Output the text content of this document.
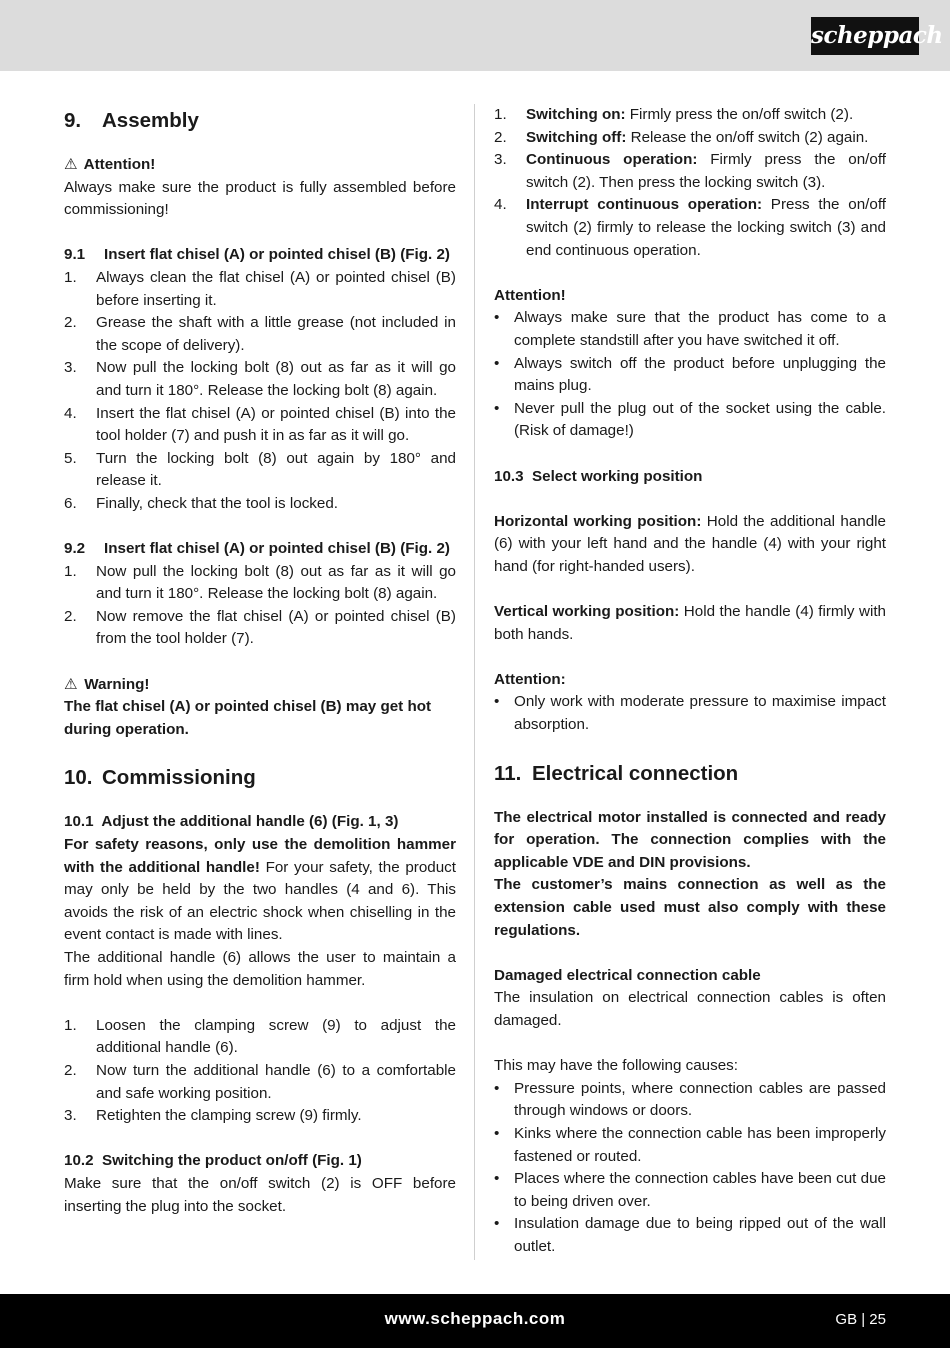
scheppach
9.	Assembly
⚠ Attention!

Always make sure the product is fully assembled before commissioning!

9.1	Insert flat chisel (A) or pointed chisel (B) (Fig. 2)
1.	Always clean the flat chisel (A) or pointed chisel (B) before inserting it.
2.	Grease the shaft with a little grease (not included in the scope of delivery).
3.	Now pull the locking bolt (8) out as far as it will go and turn it 180°. Release the locking bolt (8) again.
4.	Insert the flat chisel (A) or pointed chisel (B) into the tool holder (7) and push it in as far as it will go.
5.	Turn the locking bolt (8) out again by 180° and release it.
6.	Finally, check that the tool is locked.
9.2	Insert flat chisel (A) or pointed chisel (B) (Fig. 2)
1.	Now pull the locking bolt (8) out as far as it will go and turn it 180°. Release the locking bolt (8) again.
2.	Now remove the flat chisel (A) or pointed chisel (B) from the tool holder (7).
⚠ Warning!

The flat chisel (A) or pointed chisel (B) may get hot during operation.

10. Commissioning
10.1  Adjust the additional handle (6) (Fig. 1, 3)

For safety reasons, only use the demolition hammer with the additional handle! For your safety, the product may only be held by the two handles (4 and 6). This avoids the risk of an electric shock when chiselling in the event contact is made with lines.

The additional handle (6) allows the user to maintain a firm hold when using the demolition hammer.

1.	Loosen the clamping screw (9) to adjust the additional handle (6).
2.	Now turn the additional handle (6) to a comfortable and safe working position.
3.	Retighten the clamping screw (9) firmly.
10.2  Switching the product on/off (Fig. 1)

Make sure that the on/off switch (2) is OFF before inserting the plug into the socket.

1.	Switching on: Firmly press the on/off switch (2).
2.	Switching off: Release the on/off switch (2) again.
3.	Continuous operation: Firmly press the on/off switch (2). Then press the locking switch (3).
4.	Interrupt continuous operation: Press the on/off switch (2) firmly to release the locking switch (3) and end continuous operation.
Attention!
• Always make sure that the product has come to a complete standstill after you have switched it off.
• Always switch off the product before unplugging the mains plug.
• Never pull the plug out of the socket using the cable. (Risk of damage!)
10.3  Select working position

Horizontal working position: Hold the additional handle (6) with your left hand and the handle (4) with your right hand (for right-handed users).

Vertical working position: Hold the handle (4) firmly with both hands.

Attention:
• Only work with moderate pressure to maximise impact absorption.
11. Electrical connection

The electrical motor installed is connected and ready for operation. The connection complies with the applicable VDE and DIN provisions.

The customer’s mains connection as well as the extension cable used must also comply with these regulations.

Damaged electrical connection cable

The insulation on electrical connection cables is often damaged.

This may have the following causes:

• Pressure points, where connection cables are passed through windows or doors.
• Kinks where the connection cable has been improperly fastened or routed.
• Places where the connection cables have been cut due to being driven over.
• Insulation damage due to being ripped out of the wall outlet.
www.scheppach.com	GB | 25
